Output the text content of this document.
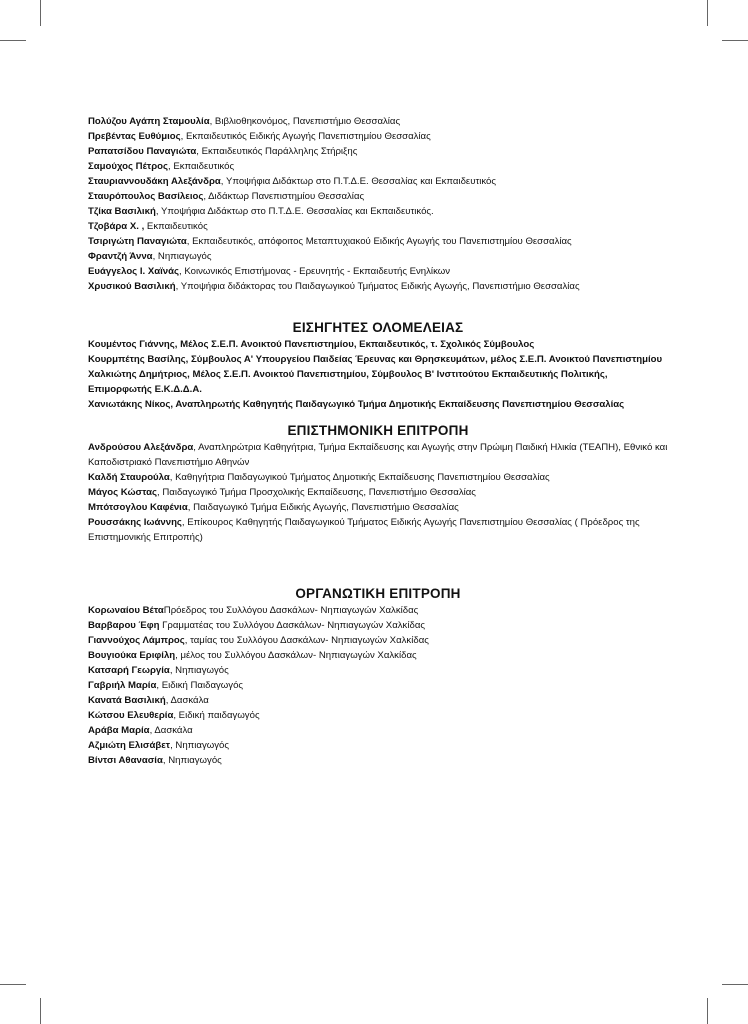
Πολύζου Αγάπη Σταμουλία, Βιβλιοθηκονόμος, Πανεπιστήμιο Θεσσαλίας

Πρεβέντας Ευθύμιος, Εκπαιδευτικός Ειδικής Αγωγής Πανεπιστημίου Θεσσαλίας

Ραπατσίδου Παναγιώτα, Εκπαιδευτικός Παράλληλης Στήριξης

Σαμούχος Πέτρος, Εκπαιδευτικός

Σταυριαννουδάκη Αλεξάνδρα, Υποψήφια Διδάκτωρ στο Π.Τ.Δ.Ε. Θεσσαλίας και Εκπαιδευτικός

Σταυρόπουλος Βασίλειος, Διδάκτωρ Πανεπιστημίου Θεσσαλίας

Τζίκα Βασιλική, Υποψήφια Διδάκτωρ στο Π.Τ.Δ.Ε. Θεσσαλίας και Εκπαιδευτικός.

Τζοβάρα Χ. , Εκπαιδευτικός

Τσιριγώτη Παναγιώτα, Εκπαιδευτικός, απόφοιτος Μεταπτυχιακού Ειδικής Αγωγής του Πανεπιστημίου Θεσσαλίας

Φραντζή Άννα, Νηπιαγωγός

Ευάγγελος Ι. Χαϊνάς, Κοινωνικός Επιστήμονας - Ερευνητής - Εκπαιδευτής Ενηλίκων

Χρυσικού Βασιλική, Υποψήφια διδάκτορας του Παιδαγωγικού Τμήματος Ειδικής Αγωγής, Πανεπιστήμιο Θεσσαλίας

ΕΙΣΗΓΗΤΕΣ ΟΛΟΜΕΛΕΙΑΣ

Κουμέντος Γιάννης, Μέλος Σ.Ε.Π. Ανοικτού Πανεπιστημίου, Εκπαιδευτικός, τ. Σχολικός Σύμβουλος

Κουρμπέτης Βασίλης, Σύμβουλος Α' Υπουργείου Παιδείας Έρευνας και Θρησκευμάτων, μέλος Σ.Ε.Π. Ανοικτού Πανεπιστημίου

Χαλκιώτης Δημήτριος, Μέλος Σ.Ε.Π. Ανοικτού Πανεπιστημίου, Σύμβουλος Β' Ινστιτούτου Εκπαιδευτικής Πολιτικής, Επιμορφωτής Ε.Κ.Δ.Δ.Α.

Χανιωτάκης Νίκος, Αναπληρωτής Καθηγητής Παιδαγωγικό Τμήμα Δημοτικής Εκπαίδευσης Πανεπιστημίου Θεσσαλίας

ΕΠΙΣΤΗΜΟΝΙΚΗ ΕΠΙΤΡΟΠΗ

Ανδρούσου Αλεξάνδρα, Αναπληρώτρια Καθηγήτρια, Τμήμα Εκπαίδευσης και Αγωγής στην Πρώιμη Παιδική Ηλικία (ΤΕΑΠΗ), Εθνικό και Καποδιστριακό Πανεπιστήμιο Αθηνών

Καλδή Σταυρούλα, Καθηγήτρια Παιδαγωγικού Τμήματος Δημοτικής Εκπαίδευσης Πανεπιστημίου Θεσσαλίας

Μάγος Κώστας, Παιδαγωγικό Τμήμα Προσχολικής Εκπαίδευσης, Πανεπιστήμιο Θεσσαλίας

Μπότσογλου Καφένια, Παιδαγωγικό Τμήμα Ειδικής Αγωγής, Πανεπιστήμιο Θεσσαλίας

Ρουσσάκης Ιωάννης, Επίκουρος Καθηγητής Παιδαγωγικού Τμήματος Ειδικής Αγωγής Πανεπιστημίου Θεσσαλίας ( Πρόεδρος της Επιστημονικής Επιτροπής)

ΟΡΓΑΝΩΤΙΚΗ ΕΠΙΤΡΟΠΗ

Κορωναίου ΒέταΠρόεδρος του Συλλόγου Δασκάλων- Νηπιαγωγών Χαλκίδας

Βαρβαρου Έφη Γραμματέας του Συλλόγου Δασκάλων- Νηπιαγωγών Χαλκίδας

Γιαννούχος Λάμπρος, ταμίας του Συλλόγου Δασκάλων- Νηπιαγωγών Χαλκίδας

Βουγιούκα Εριφίλη, μέλος του Συλλόγου Δασκάλων- Νηπιαγωγών Χαλκίδας

Κατσαρή Γεωργία, Νηπιαγωγός

Γαβριήλ Μαρία, Ειδική Παιδαγωγός

Κανατά Βασιλική, Δασκάλα

Κώτσου Ελευθερία, Ειδική παιδαγωγός

Αράβα Μαρία, Δασκάλα

Αζμιώτη Ελισάβετ, Νηπιαγωγός

Βίντσι Αθανασία, Νηπιαγωγός
